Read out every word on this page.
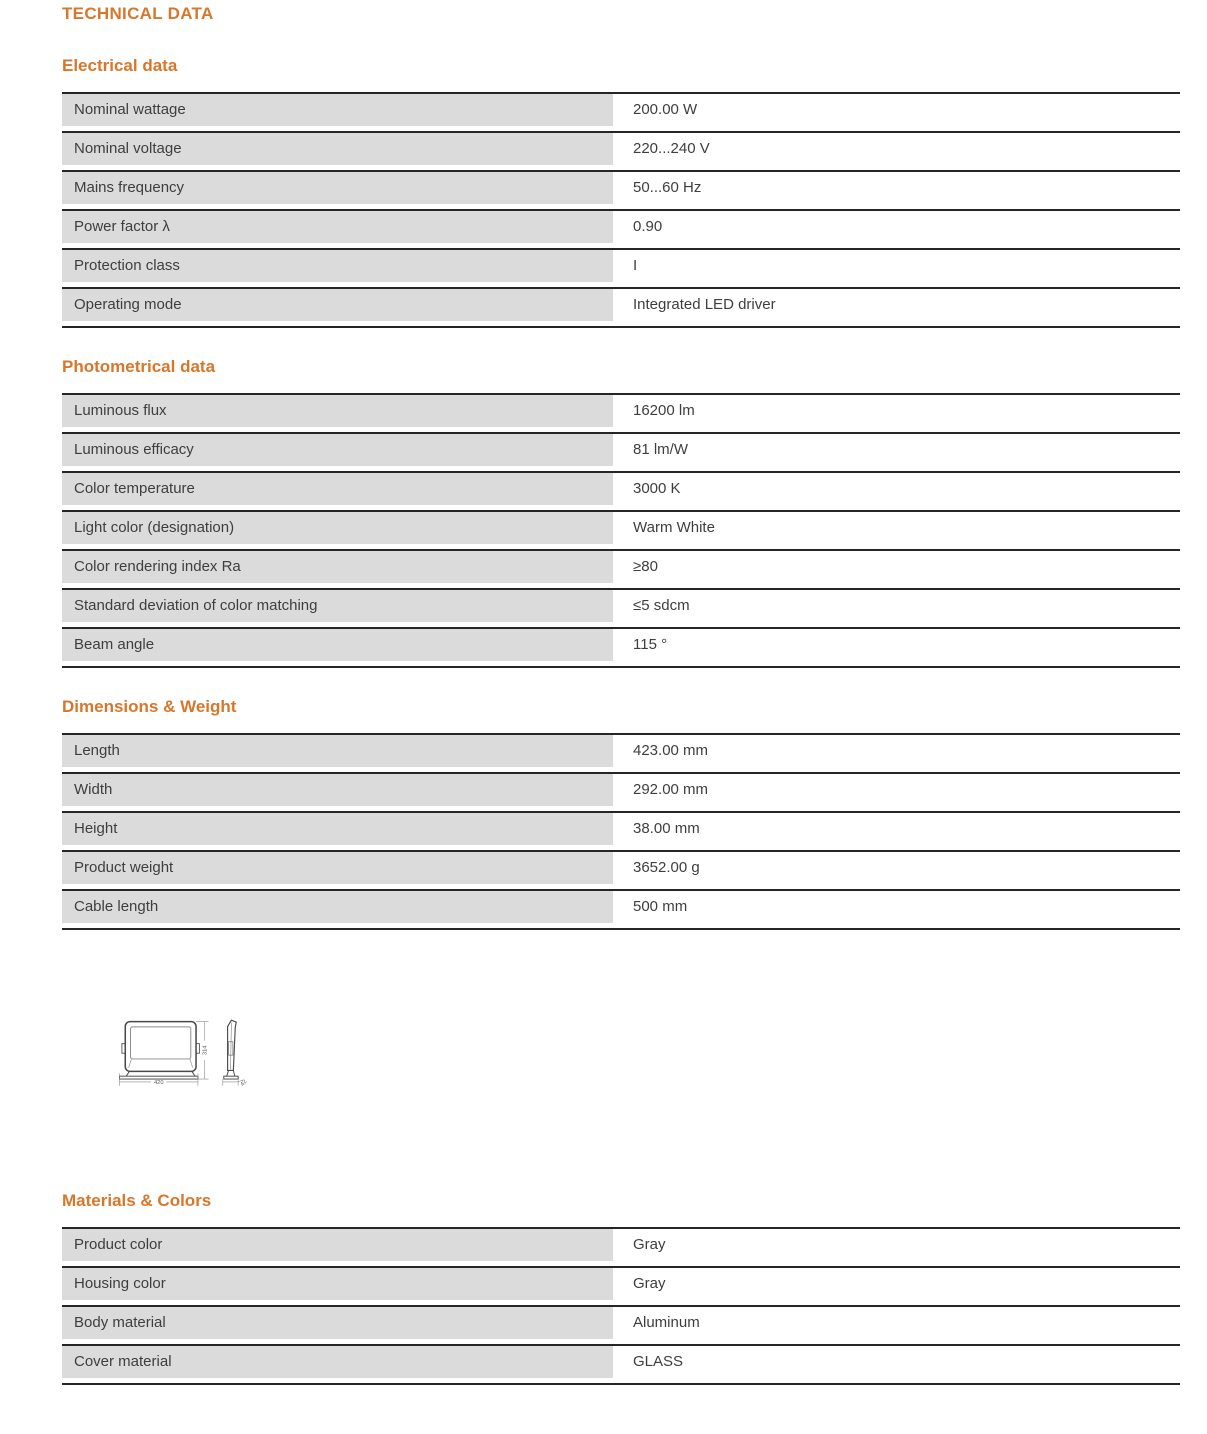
TECHNICAL DATA
Electrical data
Nominal wattage	200.00 W
Nominal voltage	220...240 V
Mains frequency	50...60 Hz
Power factor λ	0.90
Protection class	I
Operating mode	Integrated LED driver
Photometrical data
Luminous flux	16200 lm
Luminous efficacy	81 lm/W
Color temperature	3000 K
Light color (designation)	Warm White
Color rendering index Ra	≥80
Standard deviation of color matching	≤5 sdcm
Beam angle	115 °
Dimensions & Weight
Length	423.00 mm
Width	292.00 mm
Height	38.00 mm
Product weight	3652.00 g
Cable length	500 mm
420
314
42
Materials & Colors
Product color	Gray
Housing color	Gray
Body material	Aluminum
Cover material	GLASS
